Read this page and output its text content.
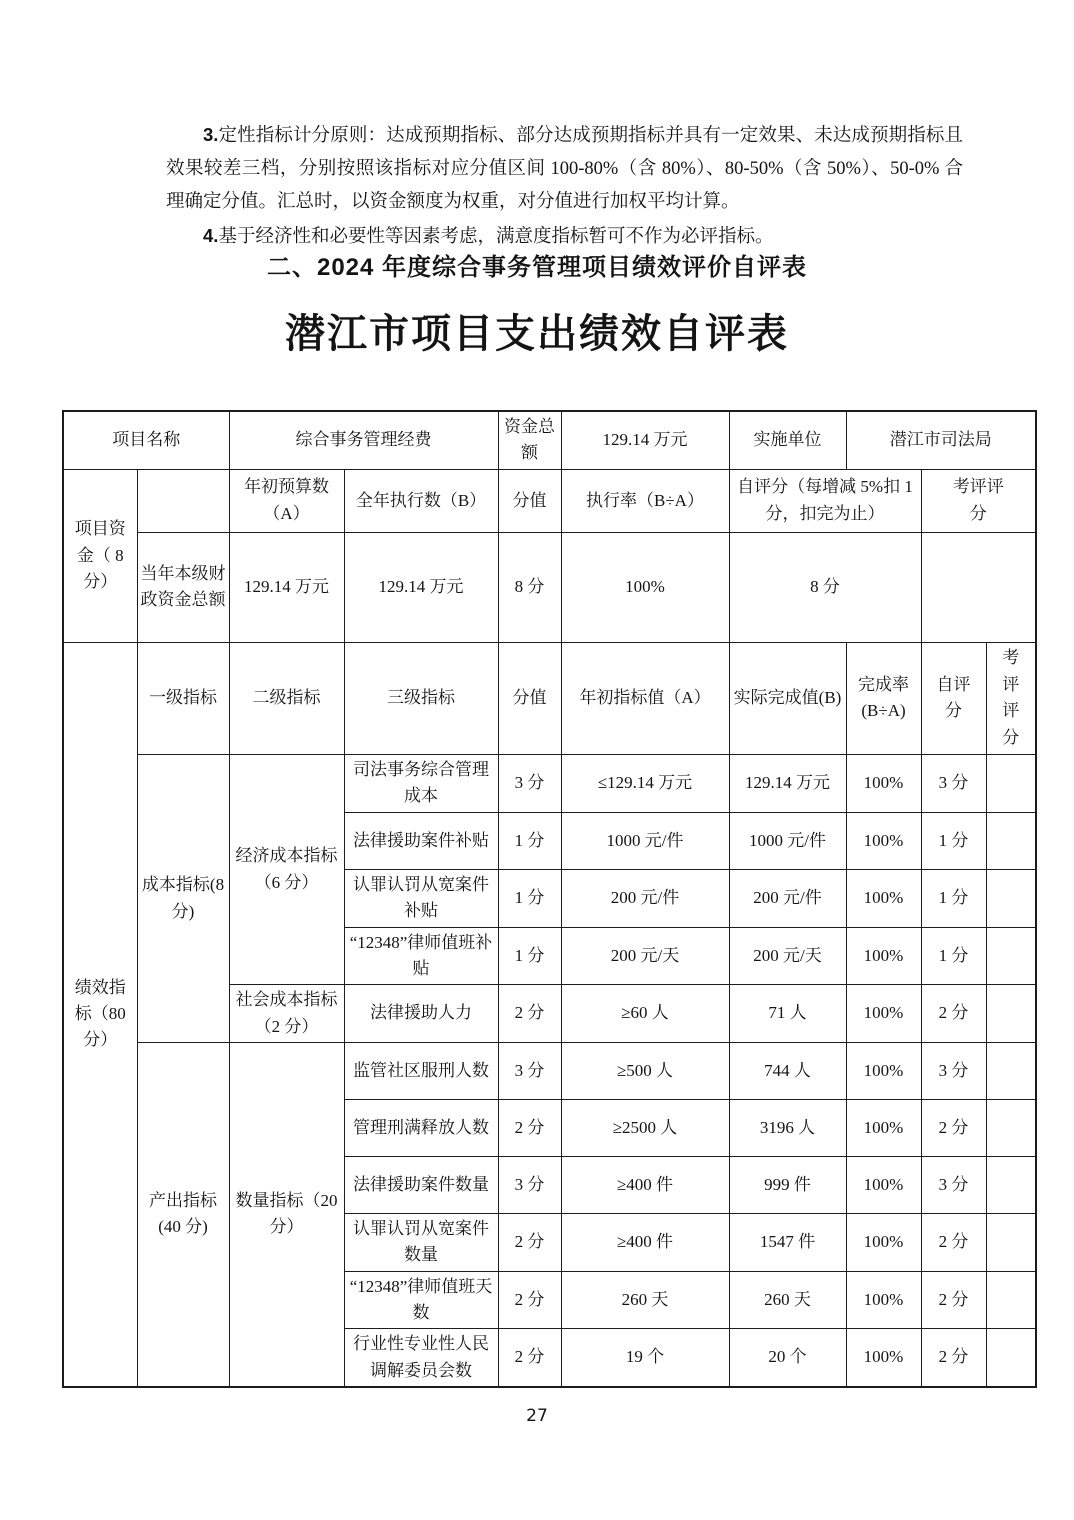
3.定性指标计分原则：达成预期指标、部分达成预期指标并具有一定效果、未达成预期指标且效果较差三档，分别按照该指标对应分值区间 100-80%（含 80%）、80-50%（含 50%）、50-0% 合理确定分值。汇总时，以资金额度为权重，对分值进行加权平均计算。

4.基于经济性和必要性等因素考虑，满意度指标暂可不作为必评指标。

二、2024 年度综合事务管理项目绩效评价自评表
潜江市项目支出绩效自评表
项目名称		综合事务管理经费		资金总额	129.14 万元	实施单位	潜江市司法局		
项目资金（ 8 分）		年初预算数（A）	全年执行数（B）	分值	执行率（B÷A）	自评分（每增减 5%扣 1 分，扣完为止）		考评评分	

	当年本级财政资金总额	129.14 万元	129.14 万元	8 分	100%	8 分			
绩效指标（80 分）	一级指标	二级指标	三级指标	分值	年初指标值（A）	实际完成值(B)	完成率(B÷A)	自评分	考评评分

	成本指标(8 分)	经济成本指标（6 分）	司法事务综合管理成本	3 分	≤129.14 万元	129.14 万元	100%	3 分	
			法律援助案件补贴	1 分	1000 元/件	1000 元/件	100%	1 分	
			认罪认罚从宽案件补贴	1 分	200 元/件	200 元/件	100%	1 分	
			“12348”律师值班补贴	1 分	200 元/天	200 元/天	100%	1 分	
		社会成本指标（2 分）	法律援助人力	2 分	≥60 人	71 人	100%	2 分	
	产出指标(40 分)	数量指标（20 分）	监管社区服刑人数	3 分	≥500 人	744 人	100%	3 分	
			管理刑满释放人数	2 分	≥2500 人	3196 人	100%	2 分	
			法律援助案件数量	3 分	≥400 件	999 件	100%	3 分	
			认罪认罚从宽案件数量	2 分	≥400 件	1547 件	100%	2 分	
			“12348”律师值班天数	2 分	260 天	260 天	100%	2 分	
			行业性专业性人民调解委员会数	2 分	19 个	20 个	100%	2 分	
27
